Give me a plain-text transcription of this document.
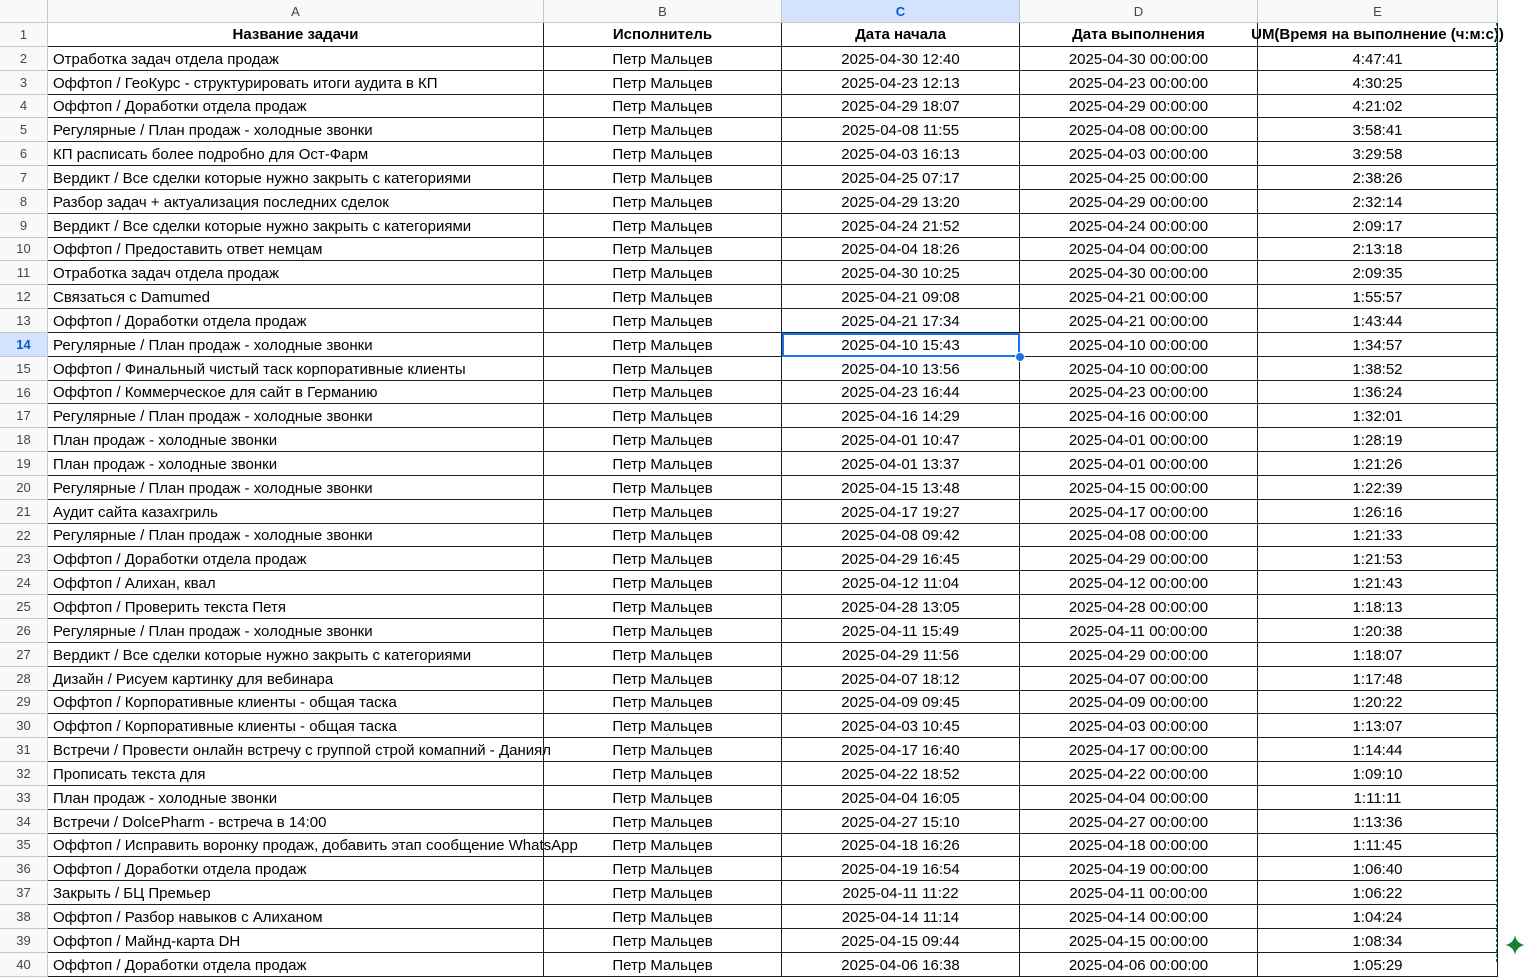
A	B	C	D	E
1	Название задачи	Исполнитель	Дата начала	Дата выполнения	UM(Время на выполнение (ч:м:с))
2	Отработка задач отдела продаж	Петр Мальцев	2025-04-30 12:40	2025-04-30 00:00:00	4:47:41
3	Оффтоп / ГеоКурс - структурировать итоги аудита в КП	Петр Мальцев	2025-04-23 12:13	2025-04-23 00:00:00	4:30:25
4	Оффтоп / Доработки отдела продаж	Петр Мальцев	2025-04-29 18:07	2025-04-29 00:00:00	4:21:02
5	Регулярные / План продаж - холодные звонки	Петр Мальцев	2025-04-08 11:55	2025-04-08 00:00:00	3:58:41
6	КП расписать более подробно для Ост-Фарм	Петр Мальцев	2025-04-03 16:13	2025-04-03 00:00:00	3:29:58
7	Вердикт / Все сделки которые нужно закрыть с категориями	Петр Мальцев	2025-04-25 07:17	2025-04-25 00:00:00	2:38:26
8	Разбор задач + актуализация последних сделок	Петр Мальцев	2025-04-29 13:20	2025-04-29 00:00:00	2:32:14
9	Вердикт / Все сделки которые нужно закрыть с категориями	Петр Мальцев	2025-04-24 21:52	2025-04-24 00:00:00	2:09:17
10	Оффтоп / Предоставить ответ немцам	Петр Мальцев	2025-04-04 18:26	2025-04-04 00:00:00	2:13:18
11	Отработка задач отдела продаж	Петр Мальцев	2025-04-30 10:25	2025-04-30 00:00:00	2:09:35
12	Связаться с Damumed	Петр Мальцев	2025-04-21 09:08	2025-04-21 00:00:00	1:55:57
13	Оффтоп / Доработки отдела продаж	Петр Мальцев	2025-04-21 17:34	2025-04-21 00:00:00	1:43:44
14	Регулярные / План продаж - холодные звонки	Петр Мальцев	2025-04-10 15:43	2025-04-10 00:00:00	1:34:57
15	Оффтоп / Финальный чистый таск корпоративные клиенты	Петр Мальцев	2025-04-10 13:56	2025-04-10 00:00:00	1:38:52
16	Оффтоп / Коммерческое для сайт в Германию	Петр Мальцев	2025-04-23 16:44	2025-04-23 00:00:00	1:36:24
17	Регулярные / План продаж - холодные звонки	Петр Мальцев	2025-04-16 14:29	2025-04-16 00:00:00	1:32:01
18	План продаж - холодные звонки	Петр Мальцев	2025-04-01 10:47	2025-04-01 00:00:00	1:28:19
19	План продаж - холодные звонки	Петр Мальцев	2025-04-01 13:37	2025-04-01 00:00:00	1:21:26
20	Регулярные / План продаж - холодные звонки	Петр Мальцев	2025-04-15 13:48	2025-04-15 00:00:00	1:22:39
21	Аудит сайта казахгриль	Петр Мальцев	2025-04-17 19:27	2025-04-17 00:00:00	1:26:16
22	Регулярные / План продаж - холодные звонки	Петр Мальцев	2025-04-08 09:42	2025-04-08 00:00:00	1:21:33
23	Оффтоп / Доработки отдела продаж	Петр Мальцев	2025-04-29 16:45	2025-04-29 00:00:00	1:21:53
24	Оффтоп / Алихан, квал	Петр Мальцев	2025-04-12 11:04	2025-04-12 00:00:00	1:21:43
25	Оффтоп / Проверить текста Петя	Петр Мальцев	2025-04-28 13:05	2025-04-28 00:00:00	1:18:13
26	Регулярные / План продаж - холодные звонки	Петр Мальцев	2025-04-11 15:49	2025-04-11 00:00:00	1:20:38
27	Вердикт / Все сделки которые нужно закрыть с категориями	Петр Мальцев	2025-04-29 11:56	2025-04-29 00:00:00	1:18:07
28	Дизайн / Рисуем картинку для вебинара	Петр Мальцев	2025-04-07 18:12	2025-04-07 00:00:00	1:17:48
29	Оффтоп / Корпоративные клиенты - общая таска	Петр Мальцев	2025-04-09 09:45	2025-04-09 00:00:00	1:20:22
30	Оффтоп / Корпоративные клиенты - общая таска	Петр Мальцев	2025-04-03 10:45	2025-04-03 00:00:00	1:13:07
31	Встречи / Провести онлайн встречу с группой строй комапний - Даниял	Петр Мальцев	2025-04-17 16:40	2025-04-17 00:00:00	1:14:44
32	Прописать текста для	Петр Мальцев	2025-04-22 18:52	2025-04-22 00:00:00	1:09:10
33	План продаж - холодные звонки	Петр Мальцев	2025-04-04 16:05	2025-04-04 00:00:00	1:11:11
34	Встречи / DolcePharm - встреча в 14:00	Петр Мальцев	2025-04-27 15:10	2025-04-27 00:00:00	1:13:36
35	Оффтоп / Исправить воронку продаж, добавить этап сообщение WhatsApp	Петр Мальцев	2025-04-18 16:26	2025-04-18 00:00:00	1:11:45
36	Оффтоп / Доработки отдела продаж	Петр Мальцев	2025-04-19 16:54	2025-04-19 00:00:00	1:06:40
37	Закрыть / БЦ Премьер	Петр Мальцев	2025-04-11 11:22	2025-04-11 00:00:00	1:06:22
38	Оффтоп / Разбор навыков с Алиханом	Петр Мальцев	2025-04-14 11:14	2025-04-14 00:00:00	1:04:24
39	Оффтоп / Майнд-карта DH	Петр Мальцев	2025-04-15 09:44	2025-04-15 00:00:00	1:08:34
40	Оффтоп / Доработки отдела продаж	Петр Мальцев	2025-04-06 16:38	2025-04-06 00:00:00	1:05:29
